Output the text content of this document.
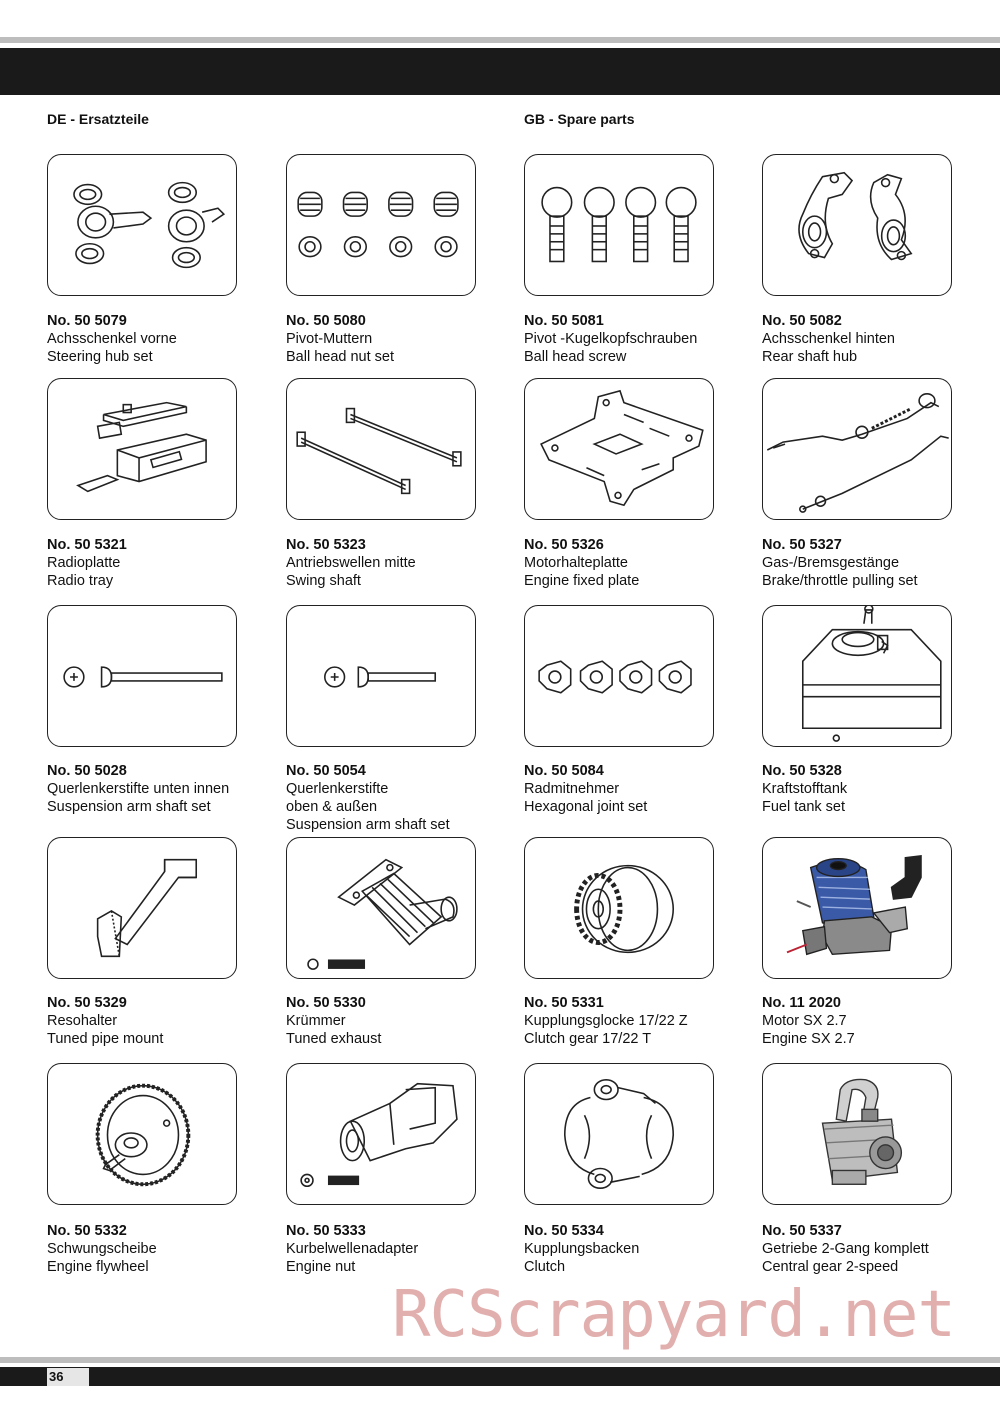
DE - Ersatzteile	GB - Spare parts
No. 50 5079
Achsschenkel vorne
Steering hub set
No. 50 5080
Pivot-Muttern
Ball head nut set
No. 50 5081
Pivot -Kugelkopfschrauben
Ball head screw
No. 50 5082
Achsschenkel hinten
Rear shaft hub
No. 50 5321
Radioplatte
Radio tray
No. 50 5323
Antriebswellen mitte
Swing shaft
No. 50 5326
Motorhalteplatte
Engine fixed plate
No. 50 5327
Gas-/Bremsgestänge
Brake/throttle pulling set
No. 50 5028
Querlenkerstifte unten innen
Suspension arm shaft set
No. 50 5054
Querlenkerstifte
oben & außen
Suspension arm shaft set
No. 50 5084
Radmitnehmer
Hexagonal joint set
No. 50 5328
Kraftstofftank
Fuel tank set
No. 50 5329
Resohalter
Tuned pipe mount
No. 50 5330
Krümmer
Tuned exhaust
No. 50 5331
Kupplungsglocke 17/22 Z
Clutch gear 17/22 T
No. 11 2020
Motor SX 2.7
Engine SX 2.7
No. 50 5332
Schwungscheibe
Engine flywheel
No. 50 5333
Kurbelwellenadapter
Engine nut
No. 50 5334
Kupplungsbacken
Clutch
No. 50 5337
Getriebe 2-Gang komplett
Central gear 2-speed
RCScrapyard.net
36
